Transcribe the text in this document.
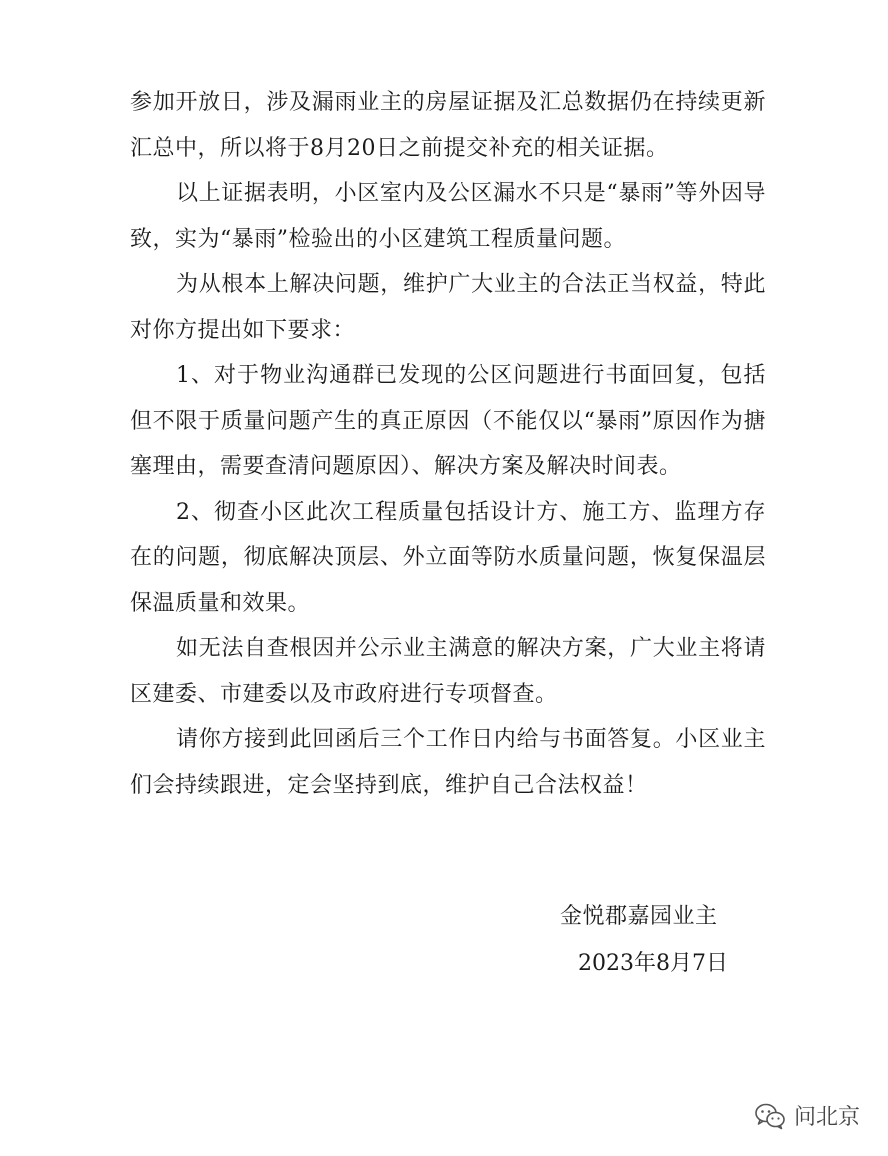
参加开放日，涉及漏雨业主的房屋证据及汇总数据仍在持续更新汇总中，所以将于8月20日之前提交补充的相关证据。

以上证据表明，小区室内及公区漏水不只是“暴雨”等外因导致，实为“暴雨”检验出的小区建筑工程质量问题。

为从根本上解决问题，维护广大业主的合法正当权益，特此对你方提出如下要求：

1、对于物业沟通群已发现的公区问题进行书面回复，包括但不限于质量问题产生的真正原因（不能仅以“暴雨”原因作为搪塞理由，需要查清问题原因）、解决方案及解决时间表。

2、彻查小区此次工程质量包括设计方、施工方、监理方存在的问题，彻底解决顶层、外立面等防水质量问题，恢复保温层保温质量和效果。

如无法自查根因并公示业主满意的解决方案，广大业主将请区建委、市建委以及市政府进行专项督查。

请你方接到此回函后三个工作日内给与书面答复。小区业主们会持续跟进，定会坚持到底，维护自己合法权益！

金悦郡嘉园业主
2023年8月7日
问北京
